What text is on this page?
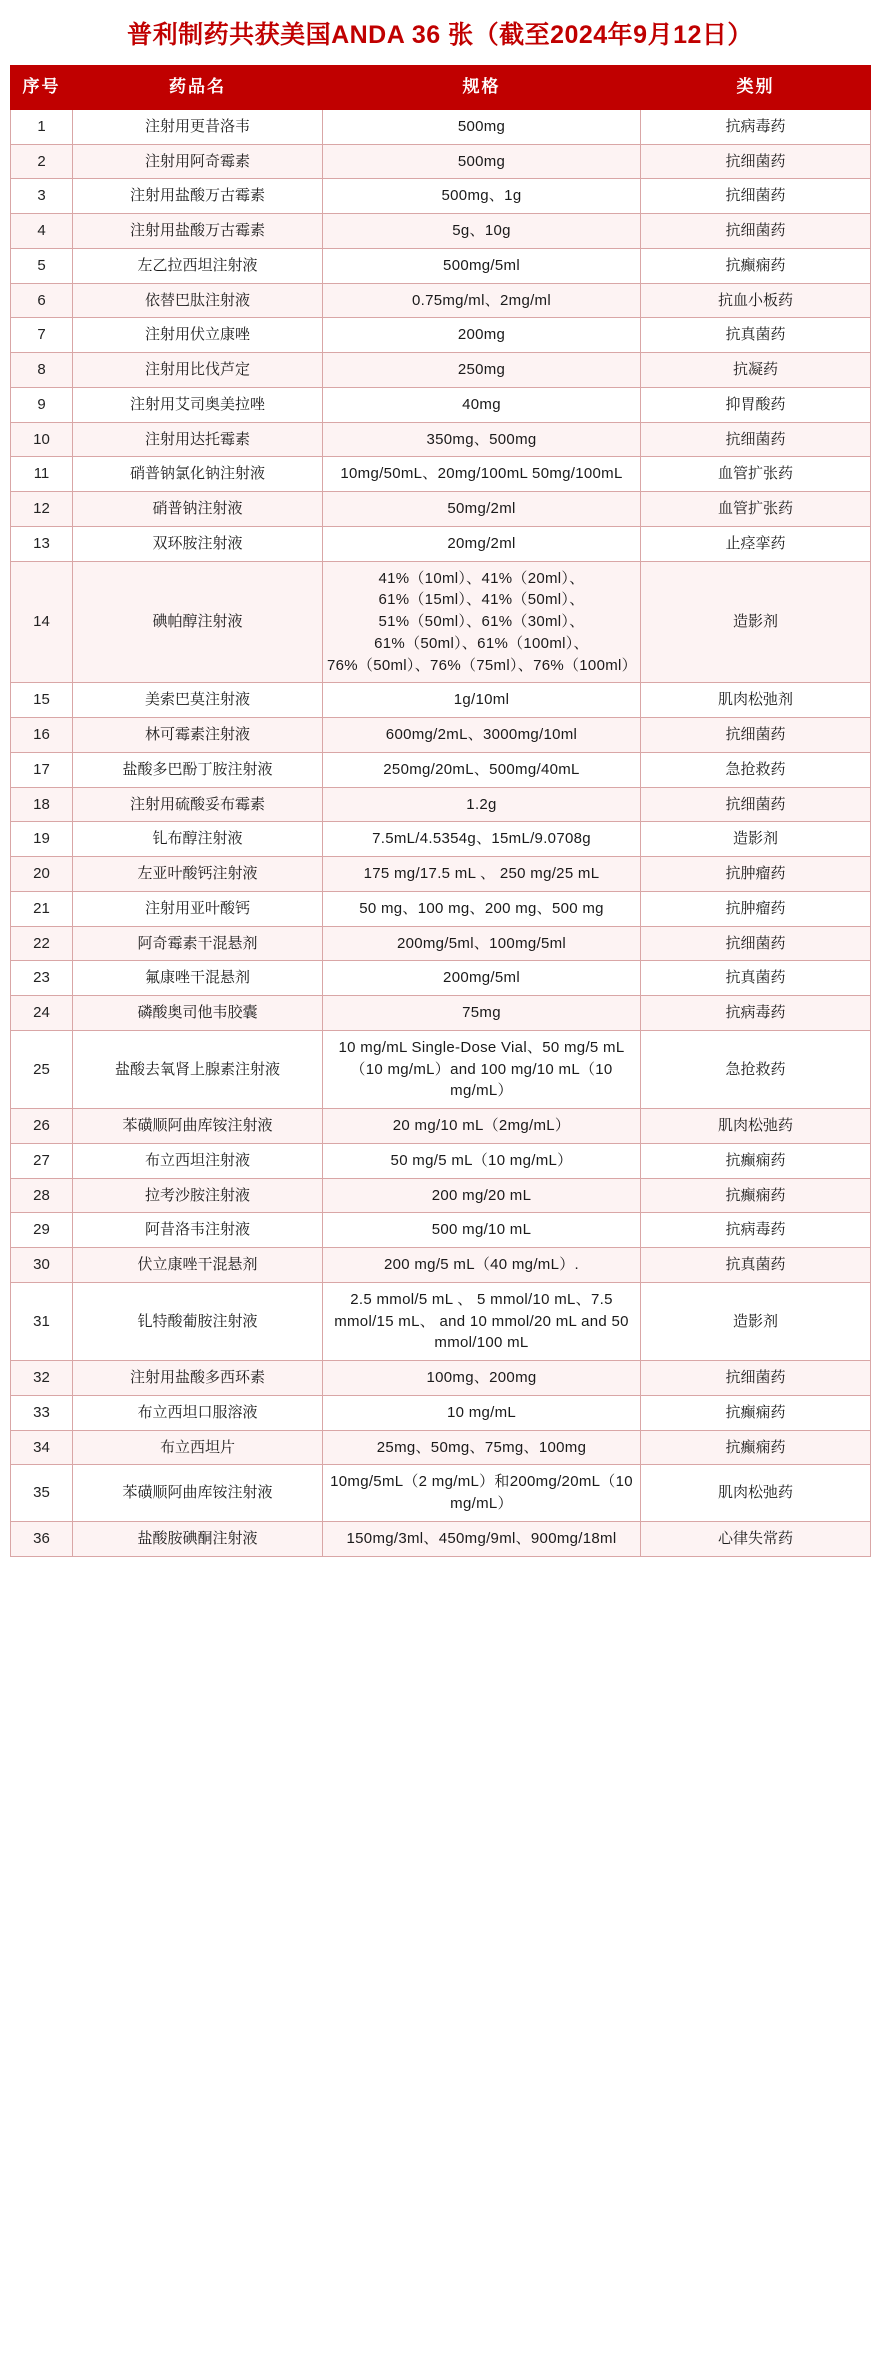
普利制药共获美国ANDA 36 张（截至2024年9月12日）
序号	药品名	规格	类别
1	注射用更昔洛韦	500mg	抗病毒药
2	注射用阿奇霉素	500mg	抗细菌药
3	注射用盐酸万古霉素	500mg、1g	抗细菌药
4	注射用盐酸万古霉素	5g、10g	抗细菌药
5	左乙拉西坦注射液	500mg/5ml	抗癫痫药
6	依替巴肽注射液	0.75mg/ml、2mg/ml	抗血小板药
7	注射用伏立康唑	200mg	抗真菌药
8	注射用比伐芦定	250mg	抗凝药
9	注射用艾司奥美拉唑	40mg	抑胃酸药
10	注射用达托霉素	350mg、500mg	抗细菌药
11	硝普钠氯化钠注射液	10mg/50mL、20mg/100mL 50mg/100mL	血管扩张药
12	硝普钠注射液	50mg/2ml	血管扩张药
13	双环胺注射液	20mg/2ml	止痉挛药
14	碘帕醇注射液	41%（10ml）、41%（20ml）、61%（15ml）、41%（50ml）、51%（50ml）、61%（30ml）、61%（50ml）、61%（100ml）、76%（50ml）、76%（75ml）、76%（100ml）	造影剂
15	美索巴莫注射液	1g/10ml	肌肉松弛剂
16	林可霉素注射液	600mg/2mL、3000mg/10ml	抗细菌药
17	盐酸多巴酚丁胺注射液	250mg/20mL、500mg/40mL	急抢救药
18	注射用硫酸妥布霉素	1.2g	抗细菌药
19	钆布醇注射液	7.5mL/4.5354g、15mL/9.0708g	造影剂
20	左亚叶酸钙注射液	175 mg/17.5 mL 、 250 mg/25 mL	抗肿瘤药
21	注射用亚叶酸钙	50 mg、100 mg、200 mg、500 mg	抗肿瘤药
22	阿奇霉素干混悬剂	200mg/5ml、100mg/5ml	抗细菌药
23	氟康唑干混悬剂	200mg/5ml	抗真菌药
24	磷酸奥司他韦胶囊	75mg	抗病毒药
25	盐酸去氧肾上腺素注射液	10 mg/mL Single-Dose Vial、50 mg/5 mL（10 mg/mL）and 100 mg/10 mL（10 mg/mL）	急抢救药
26	苯磺顺阿曲库铵注射液	20 mg/10 mL（2mg/mL）	肌肉松弛药
27	布立西坦注射液	50 mg/5 mL（10 mg/mL）	抗癫痫药
28	拉考沙胺注射液	200 mg/20 mL	抗癫痫药
29	阿昔洛韦注射液	500 mg/10 mL	抗病毒药
30	伏立康唑干混悬剂	200 mg/5 mL（40 mg/mL）.	抗真菌药
31	钆特酸葡胺注射液	2.5 mmol/5 mL 、 5 mmol/10 mL、7.5 mmol/15 mL、 and 10 mmol/20 mL and 50 mmol/100 mL	造影剂
32	注射用盐酸多西环素	100mg、200mg	抗细菌药
33	布立西坦口服溶液	10 mg/mL	抗癫痫药
34	布立西坦片	25mg、50mg、75mg、100mg	抗癫痫药
35	苯磺顺阿曲库铵注射液	10mg/5mL（2 mg/mL）和200mg/20mL（10 mg/mL）	肌肉松弛药
36	盐酸胺碘酮注射液	150mg/3ml、450mg/9ml、900mg/18ml	心律失常药
